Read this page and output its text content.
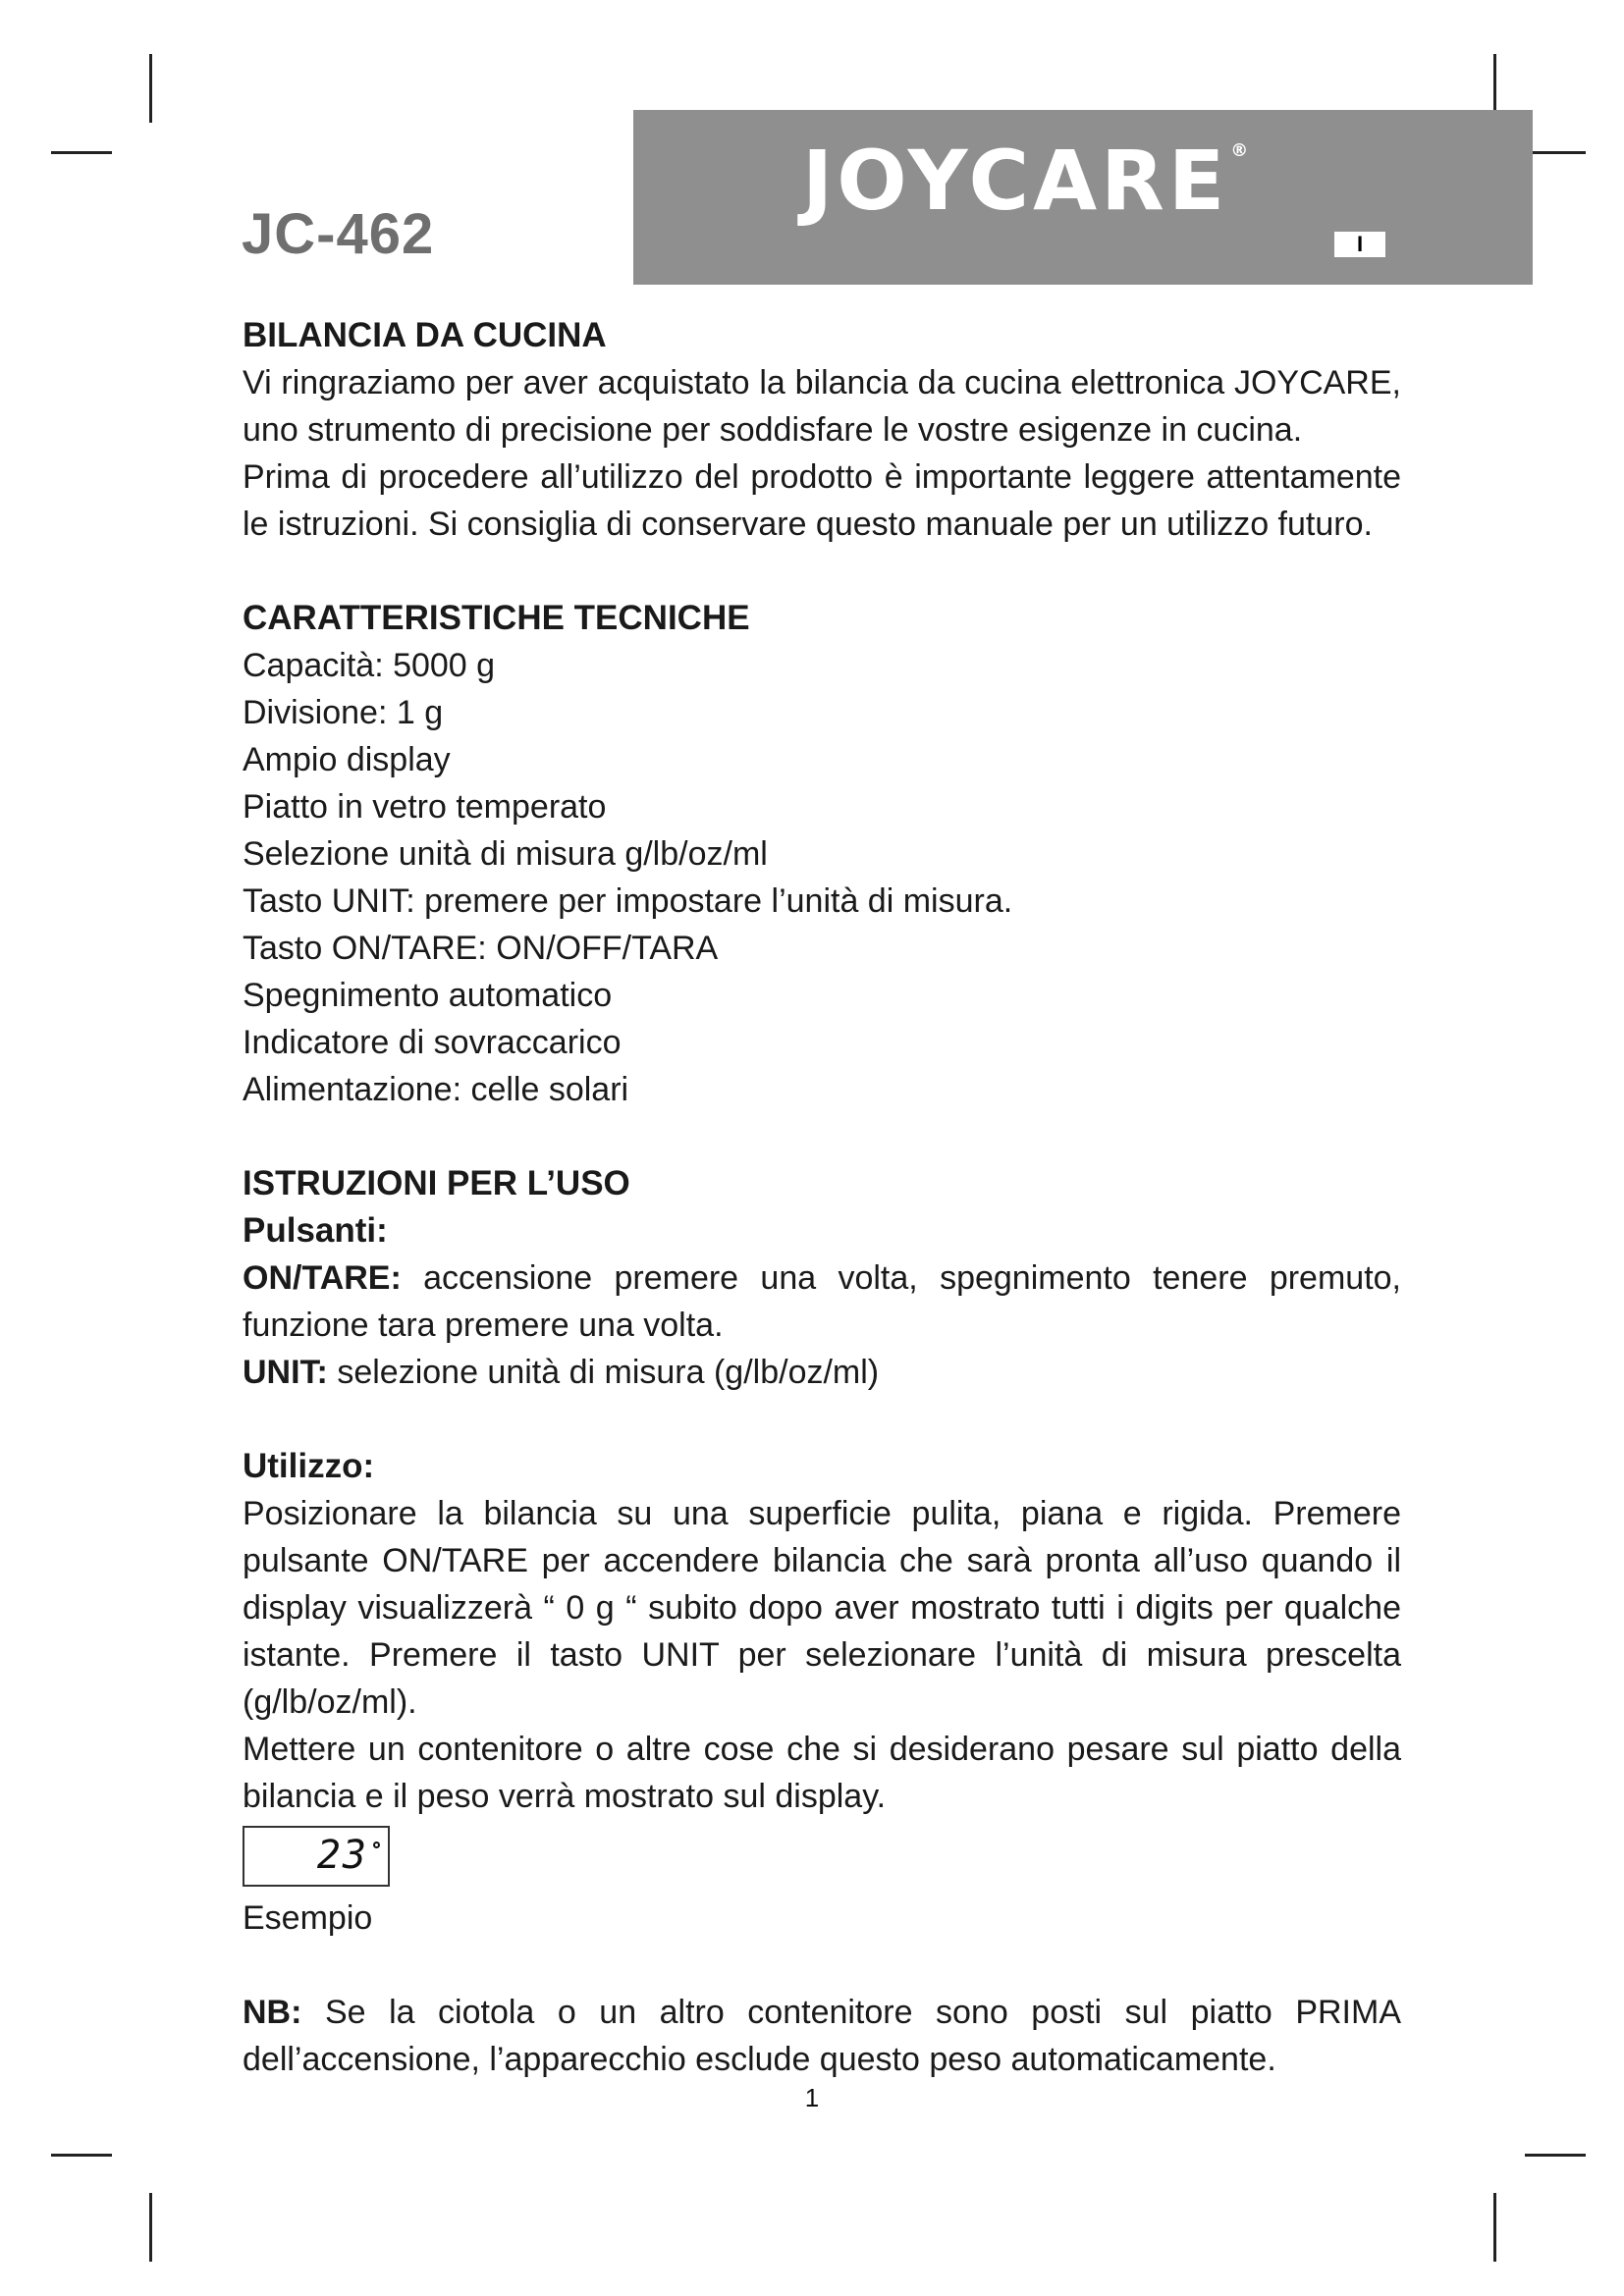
JC-462
JOYCARE ®
I

BILANCIA DA CUCINA

Vi ringraziamo per aver acquistato la bilancia da cucina elettronica JOYCARE, uno strumento di precisione per soddisfare le vostre esigenze in cucina.

Prima di procedere all’utilizzo del prodotto è importante leggere attentamente le istruzioni. Si consiglia di conservare questo manuale per un utilizzo futuro.

CARATTERISTICHE TECNICHE

Capacità: 5000 g

Divisione: 1 g

Ampio display

Piatto in vetro temperato

Selezione unità di misura g/lb/oz/ml

Tasto UNIT: premere per impostare l’unità di misura.

Tasto ON/TARE: ON/OFF/TARA

Spegnimento automatico

Indicatore di sovraccarico

Alimentazione: celle solari

ISTRUZIONI PER L’USO

Pulsanti:

ON/TARE: accensione premere una volta, spegnimento tenere premuto, funzione tara premere una volta.

UNIT: selezione unità di misura (g/lb/oz/ml)

Utilizzo:

Posizionare la bilancia su una superficie pulita, piana e rigida. Premere pulsante ON/TARE per accendere bilancia che sarà pronta all’uso quando il display visualizzerà “ 0 g “ subito dopo aver mostrato tutti i digits per qualche istante. Premere il tasto UNIT per selezionare l’unità di misura prescelta (g/lb/oz/ml).

Mettere un contenitore o altre cose che si desiderano pesare sul piatto della bilancia e il peso verrà mostrato sul display.

23

Esempio

NB: Se la ciotola o un altro contenitore sono posti sul piatto PRIMA dell’accensione, l’apparecchio esclude questo peso automaticamente.

1
